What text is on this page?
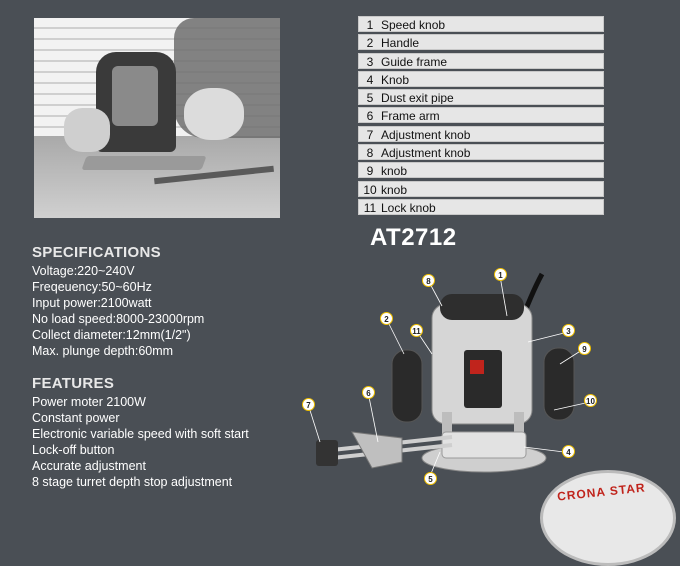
1 Speed knob
2 Handle
3 Guide frame
4 Knob
5 Dust exit pipe
6 Frame arm
7 Adjustment knob
8 Adjustment knob
9 knob
10 knob
11 Lock knob
AT2712
SPECIFICATIONS
Voltage:220~240V
Freqeuency:50~60Hz
Input power:2100watt
No load speed:8000-23000rpm
Collect diameter:12mm(1/2")
Max. plunge depth:60mm
FEATURES
Power moter 2100W
Constant power
Electronic variable speed with soft start
Lock-off button
Accurate adjustment
8 stage turret depth stop adjustment
1
2
3
4
5
6
7
8
9
10
11
CRONA STAR
